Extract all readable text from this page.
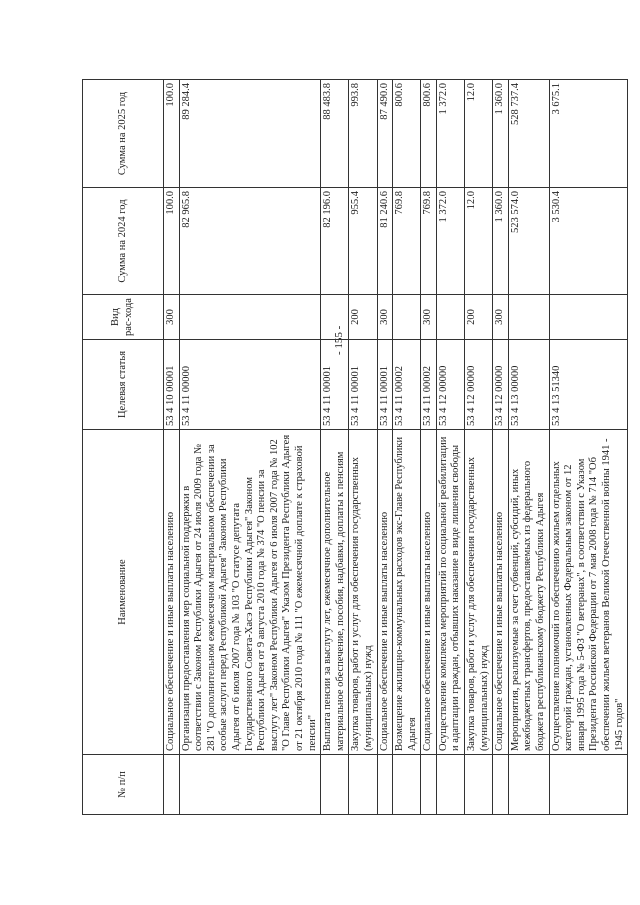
- 155 -
№ п/п	Наименование	Целевая статья	Вид рас-хода	Сумма на 2024 год	Сумма на 2025 год
	Социальное обеспечение и иные выплаты населению	53 4 10 00001	300	100.0	100.0
	Организация предоставления мер социальной поддержки в соответствии с Законом Республики Адыгея от 24 июля 2009 года № 281 "О дополнительном ежемесячном материальном обеспечении за особые заслуги перед Республикой Адыгея" Законом Республики Адыгея от 6 июля 2007 года № 103 "О статусе депутата Государственного Совета-Хасэ Республики Адыгея" Законом Республики Адыгея от 9 августа 2010 года № 374 "О пенсии за выслугу лет" Законом Республики Адыгея от 6 июля 2007 года № 102 "О Главе Республики Адыгея" Указом Президента Республики Адыгея от 21 октября 2010 года № 111 "О ежемесячной доплате к страховой пенсии"	53 4 11 00000		82 965.8	89 284.4
	Выплата пенсии за выслугу лет, ежемесячное дополнительное материальное обеспечение, пособия, надбавки, доплаты к пенсиям	53 4 11 00001		82 196.0	88 483.8
	Закупка товаров, работ и услуг для обеспечения государственных (муниципальных) нужд	53 4 11 00001	200	955.4	993.8
	Социальное обеспечение и иные выплаты населению	53 4 11 00001	300	81 240.6	87 490.0
	Возмещение жилищно-коммунальных расходов экс-Главе Республики Адыгея	53 4 11 00002		769.8	800.6
	Социальное обеспечение и иные выплаты населению	53 4 11 00002	300	769.8	800.6
	Осуществление комплекса мероприятий по социальной реабилитации и адаптации граждан, отбывших наказание в виде лишения свободы	53 4 12 00000		1 372.0	1 372.0
	Закупка товаров, работ и услуг для обеспечения государственных (муниципальных) нужд	53 4 12 00000	200	12.0	12.0
	Социальное обеспечение и иные выплаты населению	53 4 12 00000	300	1 360.0	1 360.0
	Мероприятия, реализуемые за счет субвенций, субсидий, иных межбюджетных трансфертов, предоставляемых из федерального бюджета республиканскому бюджету Республики Адыгея	53 4 13 00000		523 574.0	528 737.4
	Осуществление полномочий по обеспечению жильем отдельных категорий граждан, установленных Федеральным законом от 12 января 1995 года № 5-ФЗ "О ветеранах", в соответствии с Указом Президента Российской Федерации от 7 мая 2008 года № 714 "Об обеспечении жильем ветеранов Великой Отечественной войны 1941 - 1945 годов"	53 4 13 51340		3 530.4	3 675.1
